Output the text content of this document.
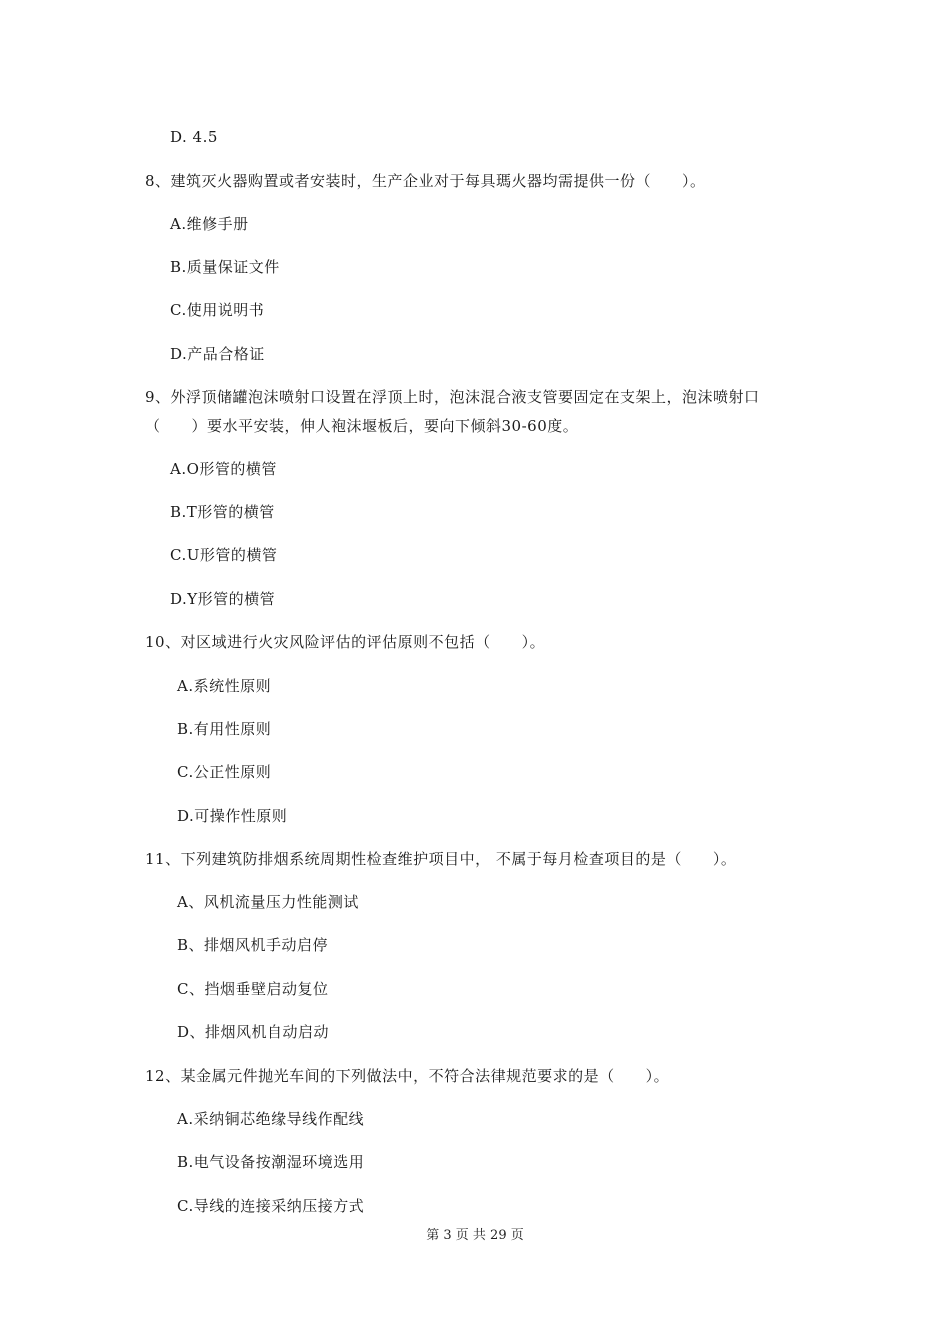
D. 4.5
8、建筑灭火器购置或者安装时，生产企业对于每具瑪火器均需提供一份（　　）。
A.维修手册
B.质量保证文件
C.使用说明书
D.产品合格证
9、外浮顶储罐泡沫喷射口设置在浮顶上时，泡沫混合液支管要固定在支架上，泡沫喷射口
（　　）要水平安装，伸人袍沫堰板后，要向下倾斜30-60度。
A.O形管的横管
B.T形管的横管
C.U形管的横管
D.Y形管的横管
10、对区域进行火灾风险评估的评估原则不包括（　　）。
A.系统性原则
B.有用性原则
C.公正性原则
D.可操作性原则
11、下列建筑防排烟系统周期性检查维护项目中， 不属于每月检查项目的是（　　）。
A、风机流量压力性能测试
B、排烟风机手动启停
C、挡烟垂壁启动复位
D、排烟风机自动启动
12、某金属元件抛光车间的下列做法中，不符合法律规范要求的是（　　）。
A.采纳铜芯绝缘导线作配线
B.电气设备按潮湿环境选用
C.导线的连接采纳压接方式
第 3 页 共 29 页
